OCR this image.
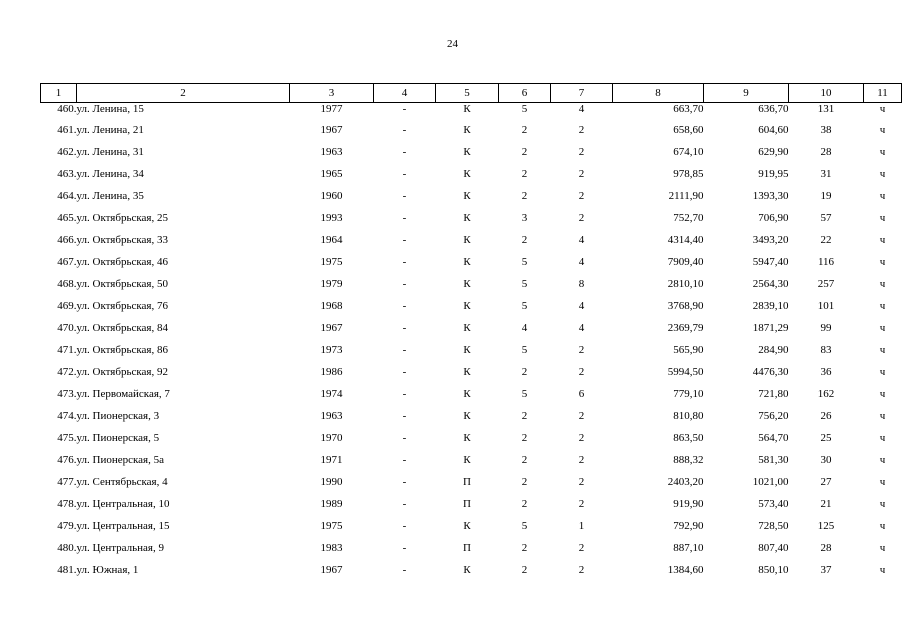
24
1	2	3	4	5	6	7	8	9	10	11
460.	ул. Ленина, 15	1977	-	К	5	4	663,70	636,70	131	ч
461.	ул. Ленина, 21	1967	-	К	2	2	658,60	604,60	38	ч
462.	ул. Ленина, 31	1963	-	К	2	2	674,10	629,90	28	ч
463.	ул. Ленина, 34	1965	-	К	2	2	978,85	919,95	31	ч
464.	ул. Ленина, 35	1960	-	К	2	2	2111,90	1393,30	19	ч
465.	ул. Октябрьская, 25	1993	-	К	3	2	752,70	706,90	57	ч
466.	ул. Октябрьская, 33	1964	-	К	2	4	4314,40	3493,20	22	ч
467.	ул. Октябрьская, 46	1975	-	К	5	4	7909,40	5947,40	116	ч
468.	ул. Октябрьская, 50	1979	-	К	5	8	2810,10	2564,30	257	ч
469.	ул. Октябрьская, 76	1968	-	К	5	4	3768,90	2839,10	101	ч
470.	ул. Октябрьская, 84	1967	-	К	4	4	2369,79	1871,29	99	ч
471.	ул. Октябрьская, 86	1973	-	К	5	2	565,90	284,90	83	ч
472.	ул. Октябрьская, 92	1986	-	К	2	2	5994,50	4476,30	36	ч
473.	ул. Первомайская, 7	1974	-	К	5	6	779,10	721,80	162	ч
474.	ул. Пионерская, 3	1963	-	К	2	2	810,80	756,20	26	ч
475.	ул. Пионерская, 5	1970	-	К	2	2	863,50	564,70	25	ч
476.	ул. Пионерская, 5а	1971	-	К	2	2	888,32	581,30	30	ч
477.	ул. Сентябрьская, 4	1990	-	П	2	2	2403,20	1021,00	27	ч
478.	ул. Центральная, 10	1989	-	П	2	2	919,90	573,40	21	ч
479.	ул. Центральная, 15	1975	-	К	5	1	792,90	728,50	125	ч
480.	ул. Центральная, 9	1983	-	П	2	2	887,10	807,40	28	ч
481.	ул. Южная, 1	1967	-	К	2	2	1384,60	850,10	37	ч
